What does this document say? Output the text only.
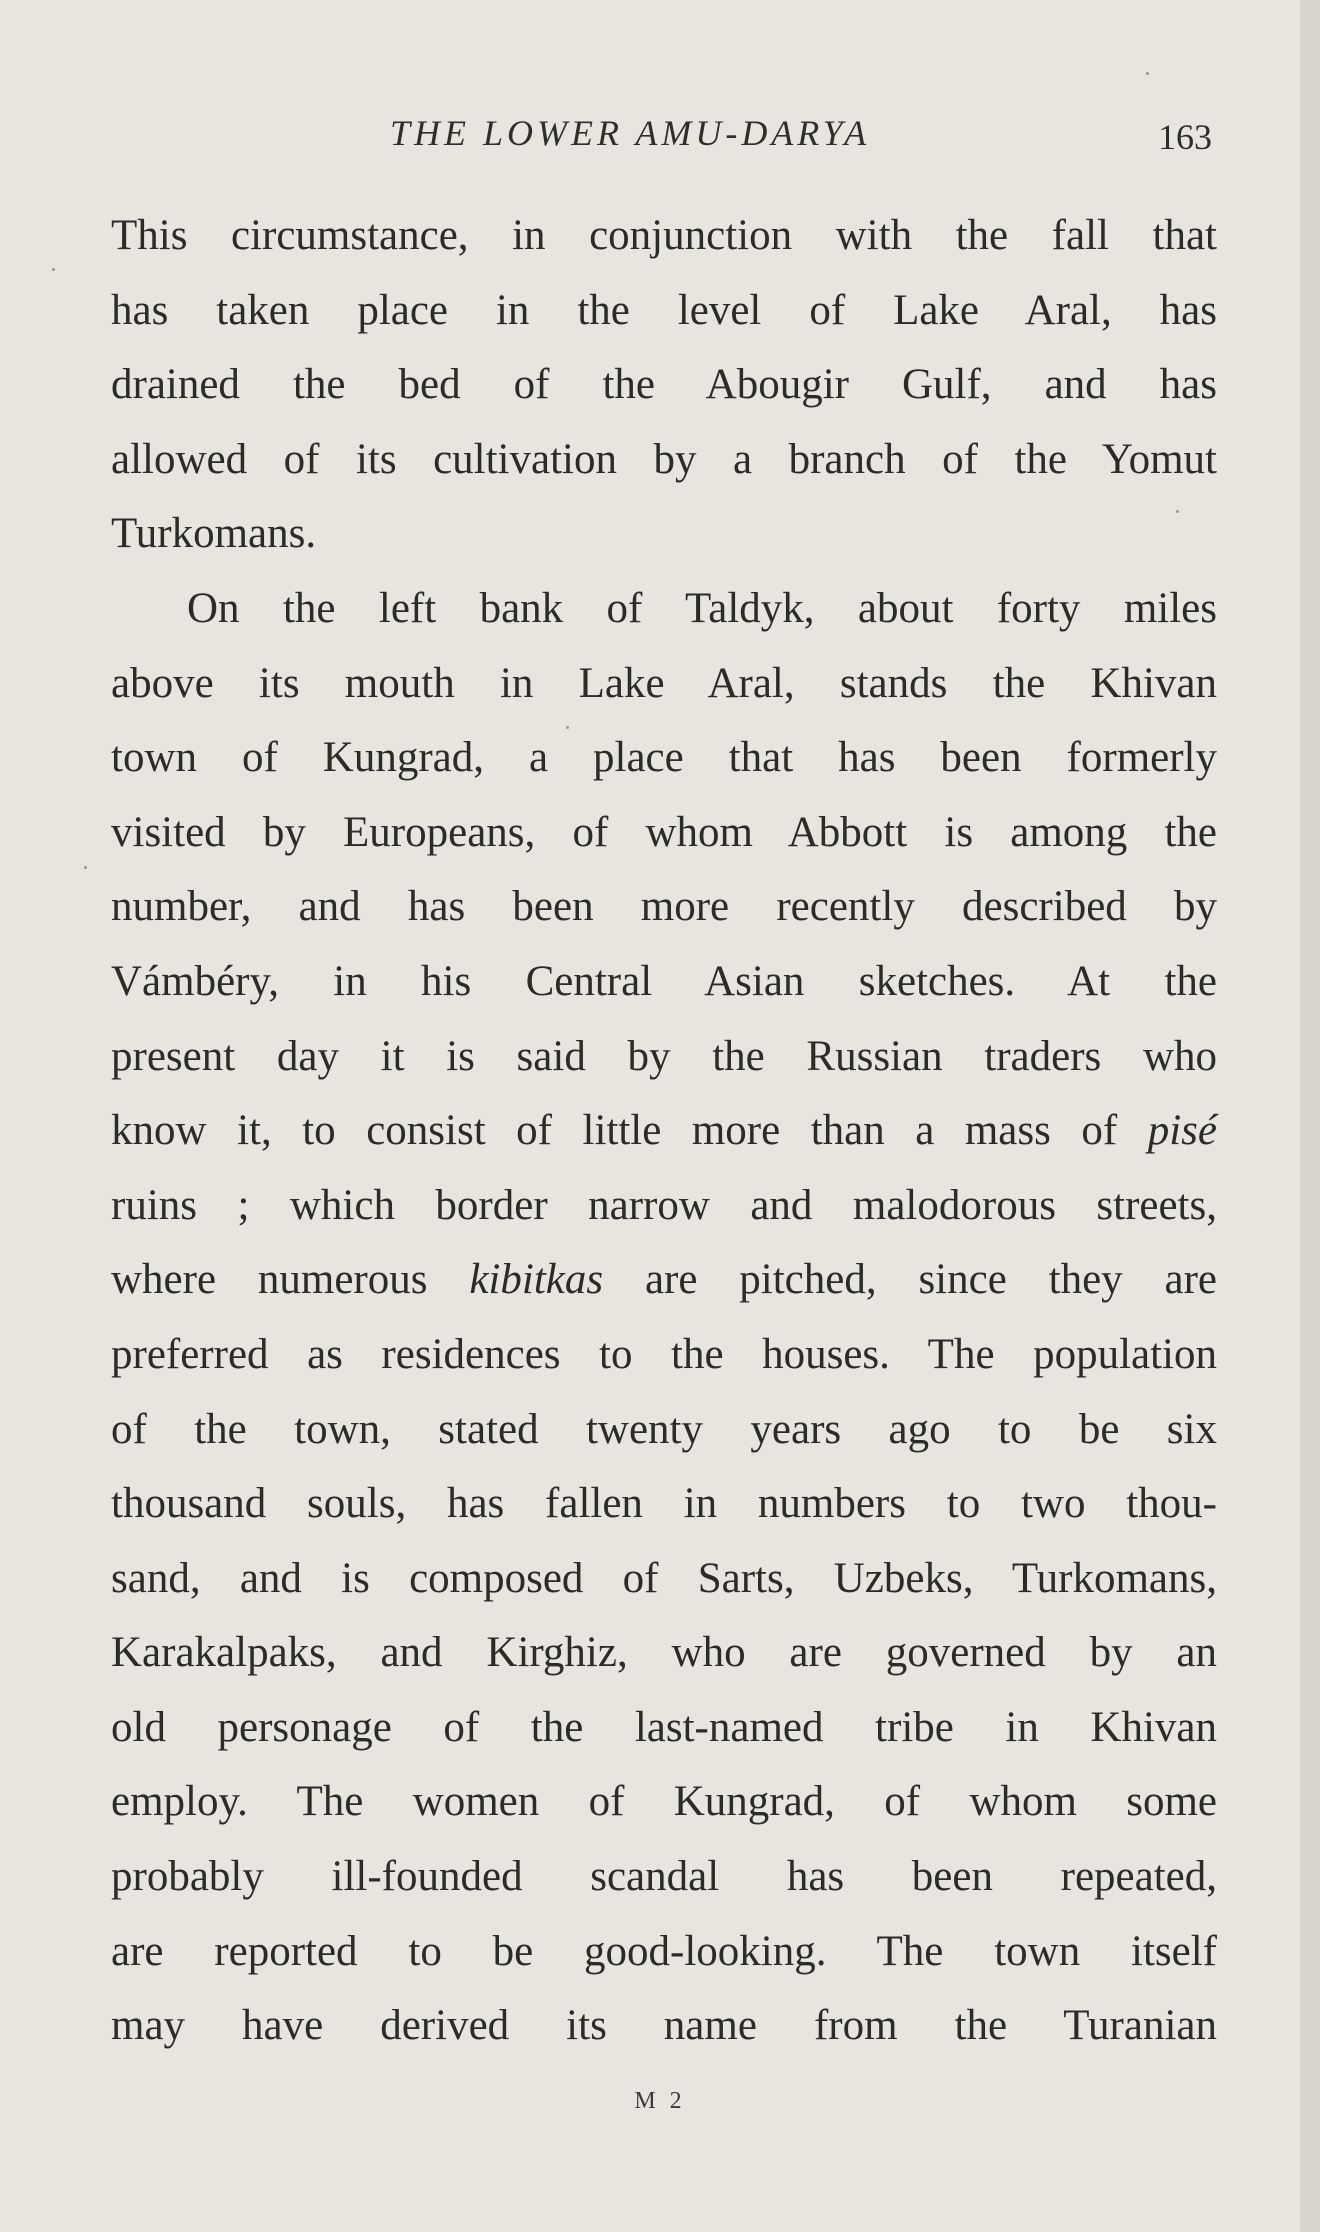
THE LOWER AMU-DARYA	163
This circumstance, in conjunction with the fall that
has taken place in the level of Lake Aral, has
drained the bed of the Abougir Gulf, and has
allowed of its cultivation by a branch of the Yomut
Turkomans.
On the left bank of Taldyk, about forty miles
above its mouth in Lake Aral, stands the Khivan
town of Kungrad, a place that has been formerly
visited by Europeans, of whom Abbott is among the
number, and has been more recently described by
Vámbéry, in his Central Asian sketches. At the
present day it is said by the Russian traders who
know it, to consist of little more than a mass of pisé
ruins ; which border narrow and malodorous streets,
where numerous kibitkas are pitched, since they are
preferred as residences to the houses. The population
of the town, stated twenty years ago to be six
thousand souls, has fallen in numbers to two thou-
sand, and is composed of Sarts, Uzbeks, Turkomans,
Karakalpaks, and Kirghiz, who are governed by an
old personage of the last-named tribe in Khivan
employ. The women of Kungrad, of whom some
probably ill-founded scandal has been repeated,
are reported to be good-looking. The town itself
may have derived its name from the Turanian
M 2
